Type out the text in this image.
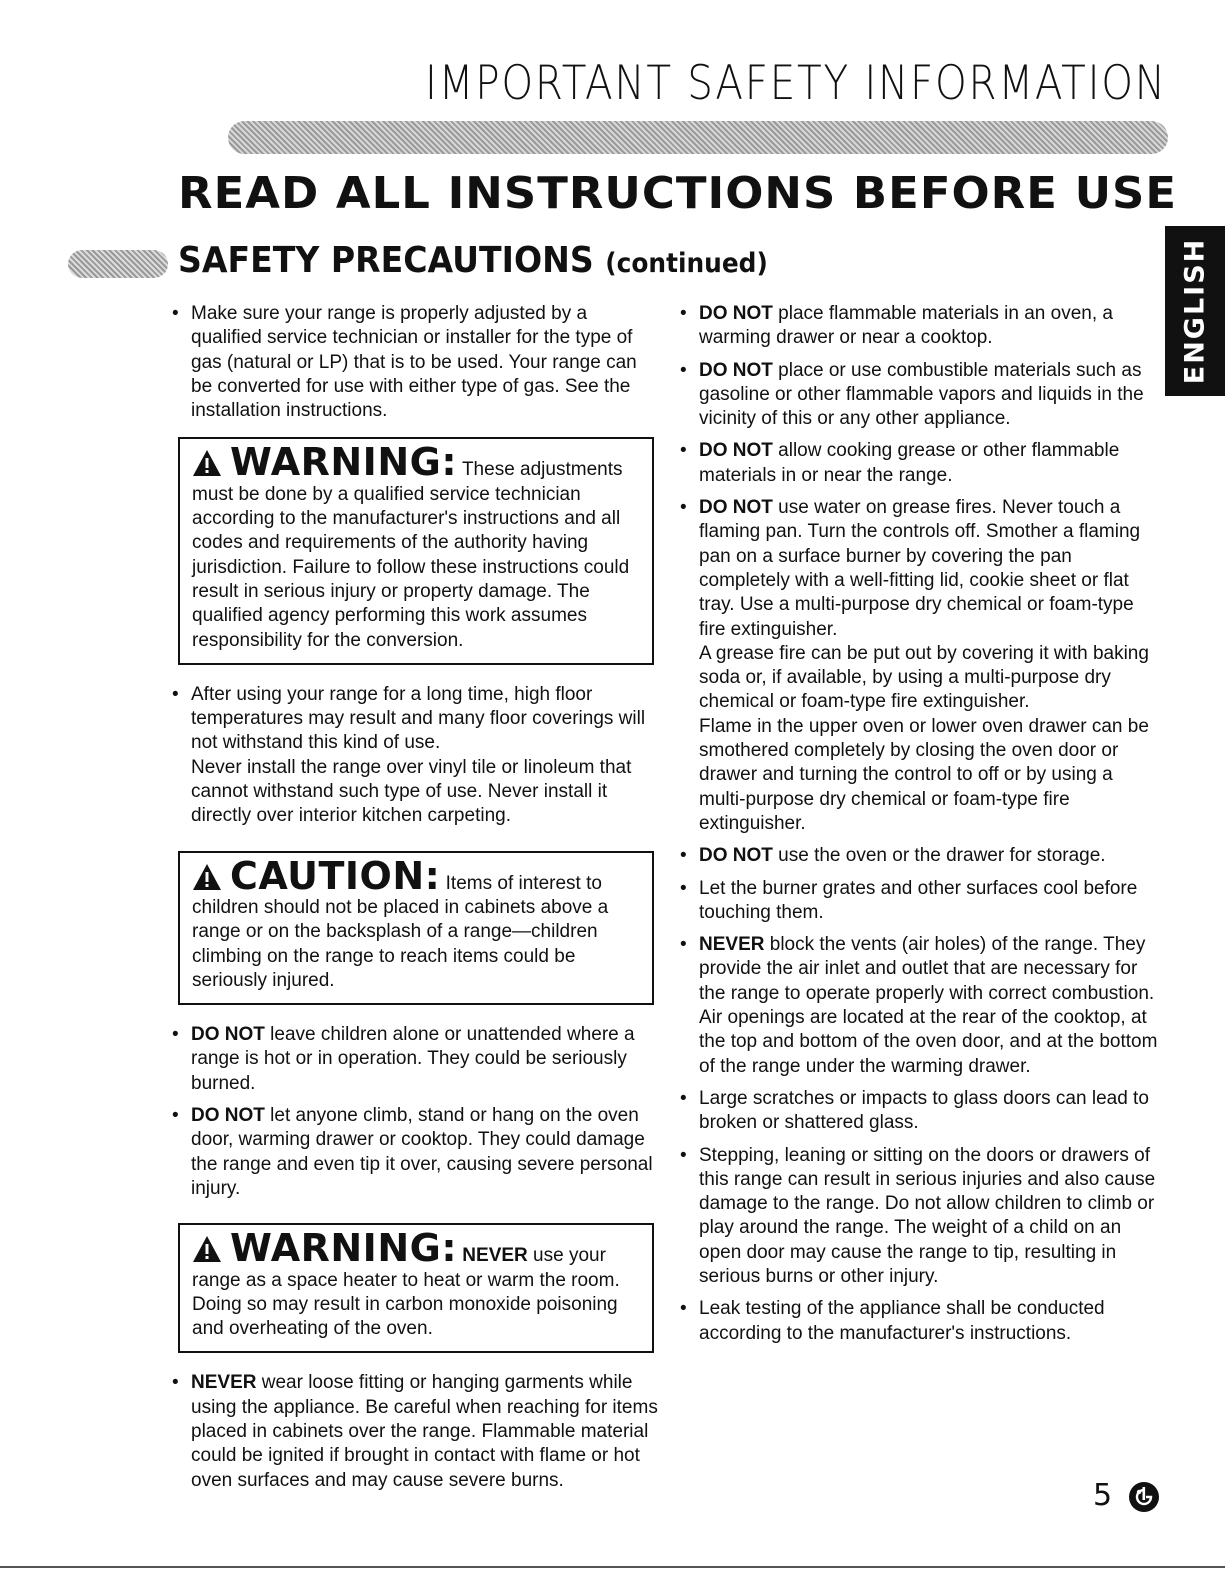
IMPORTANT SAFETY INFORMATION
READ ALL INSTRUCTIONS BEFORE USE
SAFETY PRECAUTIONS (continued)	ENGLISH
• Make sure your range is properly adjusted by a qualified service technician or installer for the type of gas (natural or LP) that is to be used. Your range can be converted for use with either type of gas. See the installation instructions.

WARNING: These adjustments
must be done by a qualified service technician according to the manufacturer's instructions and all codes and requirements of the authority having jurisdiction. Failure to follow these instructions could result in serious injury or property damage. The qualified agency performing this work assumes responsibility for the conversion.
• After using your range for a long time, high floor temperatures may result and many floor coverings will not withstand this kind of use.

Never install the range over vinyl tile or linoleum that cannot withstand such type of use. Never install it directly over interior kitchen carpeting.

CAUTION: Items of interest to
children should not be placed in cabinets above a range or on the backsplash of a range—children climbing on the range to reach items could be seriously injured.
• DO NOT leave children alone or unattended where a range is hot or in operation. They could be seriously burned.

• DO NOT let anyone climb, stand or hang on the oven door, warming drawer or cooktop. They could damage the range and even tip it over, causing severe personal injury.

WARNING: NEVER use your
range as a space heater to heat or warm the room. Doing so may result in carbon monoxide poisoning and overheating of the oven.
• NEVER wear loose fitting or hanging garments while using the appliance. Be careful when reaching for items placed in cabinets over the range. Flammable material could be ignited if brought in contact with flame or hot oven surfaces and may cause severe burns.

• DO NOT place flammable materials in an oven, a warming drawer or near a cooktop.

• DO NOT place or use combustible materials such as gasoline or other flammable vapors and liquids in the vicinity of this or any other appliance.

• DO NOT allow cooking grease or other flammable materials in or near the range.

• DO NOT use water on grease fires. Never touch a flaming pan. Turn the controls off. Smother a flaming pan on a surface burner by covering the pan completely with a well-fitting lid, cookie sheet or flat tray. Use a multi-purpose dry chemical or foam-type fire extinguisher.

A grease fire can be put out by covering it with baking soda or, if available, by using a multi-purpose dry chemical or foam-type fire extinguisher.

Flame in the upper oven or lower oven drawer can be smothered completely by closing the oven door or drawer and turning the control to off or by using a multi-purpose dry chemical or foam-type fire extinguisher.

• DO NOT use the oven or the drawer for storage.

• Let the burner grates and other surfaces cool before touching them.

• NEVER block the vents (air holes) of the range. They provide the air inlet and outlet that are necessary for the range to operate properly with correct combustion. Air openings are located at the rear of the cooktop, at the top and bottom of the oven door, and at the bottom of the range under the warming drawer.

• Large scratches or impacts to glass doors can lead to broken or shattered glass.

• Stepping, leaning or sitting on the doors or drawers of this range can result in serious injuries and also cause damage to the range. Do not allow children to climb or play around the range. The weight of a child on an open door may cause the range to tip, resulting in serious burns or other injury.

• Leak testing of the appliance shall be conducted according to the manufacturer's instructions.

5
